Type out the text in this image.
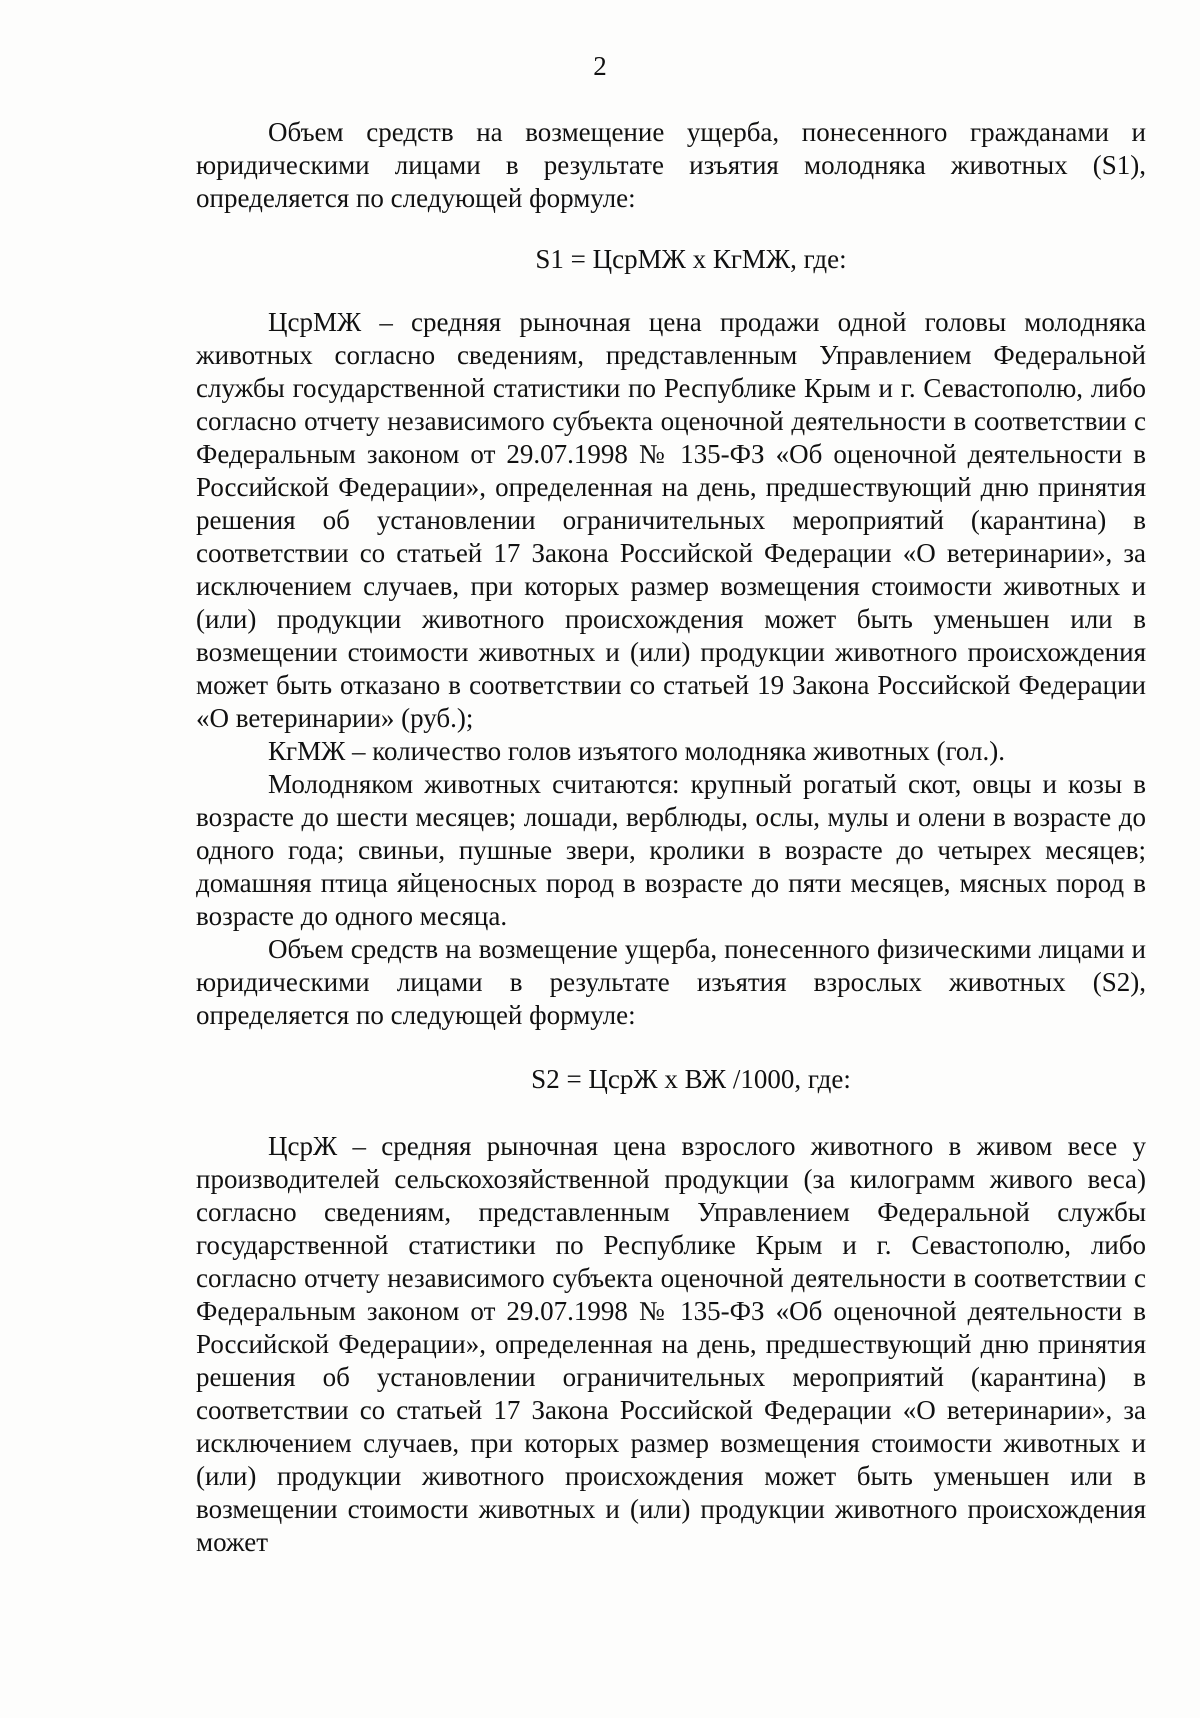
2

Объем средств на возмещение ущерба, понесенного гражданами и юридическими лицами в результате изъятия молодняка животных (S1), определяется по следующей формуле:

S1 = ЦсрМЖ х КгМЖ, где:

ЦсрМЖ – средняя рыночная цена продажи одной головы молодняка животных согласно сведениям, представленным Управлением Федеральной службы государственной статистики по Республике Крым и г. Севастополю, либо согласно отчету независимого субъекта оценочной деятельности в соответствии с Федеральным законом от 29.07.1998 № 135-ФЗ «Об оценочной деятельности в Российской Федерации», определенная на день, предшествующий дню принятия решения об установлении ограничительных мероприятий (карантина) в соответствии со статьей 17 Закона Российской Федерации «О ветеринарии», за исключением случаев, при которых размер возмещения стоимости животных и (или) продукции животного происхождения может быть уменьшен или в возмещении стоимости животных и (или) продукции животного происхождения может быть отказано в соответствии со статьей 19 Закона Российской Федерации «О ветеринарии» (руб.);

КгМЖ – количество голов изъятого молодняка животных (гол.).

Молодняком животных считаются: крупный рогатый скот, овцы и козы в возрасте до шести месяцев; лошади, верблюды, ослы, мулы и олени в возрасте до одного года; свиньи, пушные звери, кролики в возрасте до четырех месяцев; домашняя птица яйценосных пород в возрасте до пяти месяцев, мясных пород в возрасте до одного месяца.

Объем средств на возмещение ущерба, понесенного физическими лицами и юридическими лицами в результате изъятия взрослых животных (S2), определяется по следующей формуле:

S2 = ЦсрЖ х ВЖ /1000, где:

ЦсрЖ – средняя рыночная цена взрослого животного в живом весе у производителей сельскохозяйственной продукции (за килограмм живого веса) согласно сведениям, представленным Управлением Федеральной службы государственной статистики по Республике Крым и г. Севастополю, либо согласно отчету независимого субъекта оценочной деятельности в соответствии с Федеральным законом от 29.07.1998 № 135-ФЗ «Об оценочной деятельности в Российской Федерации», определенная на день, предшествующий дню принятия решения об установлении ограничительных мероприятий (карантина) в соответствии со статьей 17 Закона Российской Федерации «О ветеринарии», за исключением случаев, при которых размер возмещения стоимости животных и (или) продукции животного происхождения может быть уменьшен или в возмещении стоимости животных и (или) продукции животного происхождения может
